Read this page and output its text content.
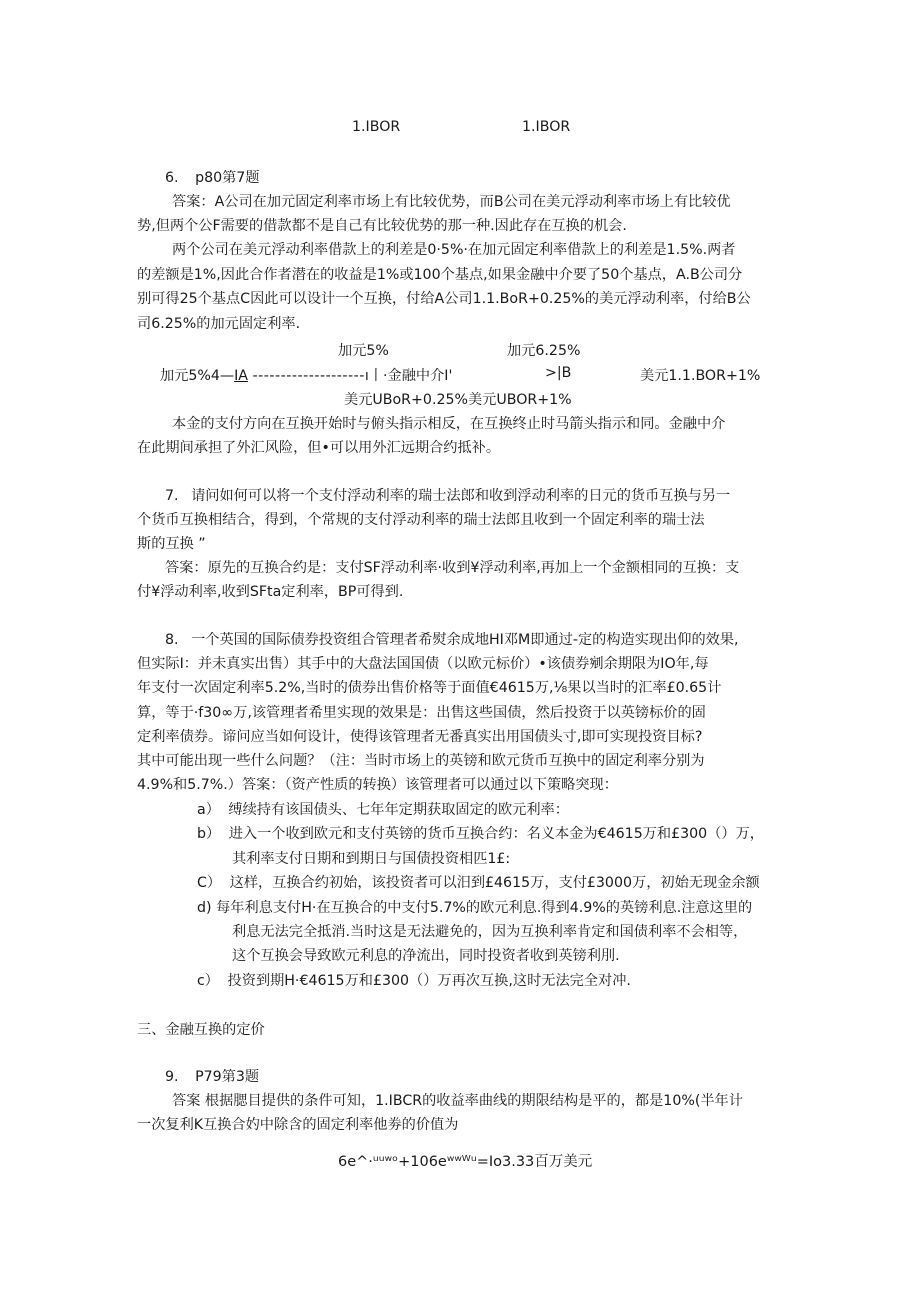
1.IBOR	1.IBOR
6. p80第7题
答案：A公司在加元固定利率市场上有比较优势，而B公司在美元浮动利率市场上有比较优
势,但两个公F需要的借款都不是自己有比较优势的那一种.因此存在互换的机会.
两个公司在美元浮动利率借款上的利差是0·5%·在加元固定利率借款上的利差是1.5%.两者
的差额是1%,因此合作者潜在的收益是1%或100个基点,如果金融中介要了50个基点，A.B公司分
别可得25个基点C因此可以设计一个互换，付给A公司1.1.BoR+0.25%的美元浮动利率，付给B公
司6.25%的加元固定利率.
加元5%	加元6.25%
加元5%4—IA --------------------ı丨·金融中介I'	>|B	美元1.1.BOR+1%
美元UBoR+0.25%美元UBOR+1%
本金的支付方向在互换开始时与俯头指示相反，在互换终止时马箭头指示和同。金融中介
在此期间承担了外汇风险，但•可以用外汇远期合约抵补。
7. 请问如何可以将一个支付浮动利率的瑞士法郎和收到浮动利率的日元的货币互换与另一
个货币互换相结合，得到，个常规的支付浮动利率的瑞士法郎且收到一个固定利率的瑞士法
斯的互换 ”
答案：原先的互换合约是：支付SF浮动利率·收到¥浮动利率,再加上一个金额相同的互换：支
付¥浮动利率,收到SFta定利率，BP可得到.
8. 一个英国的国际债券投资组合管理者希熨余成地HI邓M即通过-定的构造实现出仰的效果,
但实际I：并未真实出售）其手中的大盘法国国债（以欧元标价）•该债券剜余期限为IO年,每
年支付一次固定利率5.2%,当时的债券出售价格等于面值€4615万,⅛果以当时的汇率£0.65计
算，等于·f30∞万,该管理者希里实现的效果是：出售这些国债，然后投资于以英镑标价的固
定利率债券。谛问应当如何设计，使得该管理者无番真实出用国债头寸,即可实现投资目标?
其中可能出现一些什么问题？（注：当时市场上的英镑和欧元货币互换中的固定利率分别为
4.9%和5.7%.）答案：（资产性质的转换）该管理者可以通过以下策略突现：
a） 缚续持有该国债头、七年年定期获取固定的欧元利率：
b） 进入一个收到欧元和支付英镑的货币互换合约：名义本金为€4615万和£300（）万，
其利率支付日期和到期日与国债投资相匹1£:
C） 这样，互换合约初始，该投资者可以汨到£4615万，支付£3000万，初始无现金余额
d) 每年利息支付H·在互换合的中支付5.7%的欧元利息.得到4.9%的英镑利息.注意这里的
利息无法完全抵消.当时这是无法避免的，因为互换利率肯定和国债利率不会相等，
这个互换会导致欧元利息的净流出，同时投资者收到英镑利刖.
c） 投资到期H·€4615万和£300（）万再次互换,这时无法完全对冲.
三、金融互换的定价
9. P79第3题
答案 根据腮目提供的条件可知，1.IBCR的收益率曲线的期限结构是平的，都是10%(半年计
一次复利K互换合妁中除含的固定利率他劵的价值为
6e^·ᵘᵘʷᵒ+106eʷʷᵂᵘ=Io3.33百万美元
